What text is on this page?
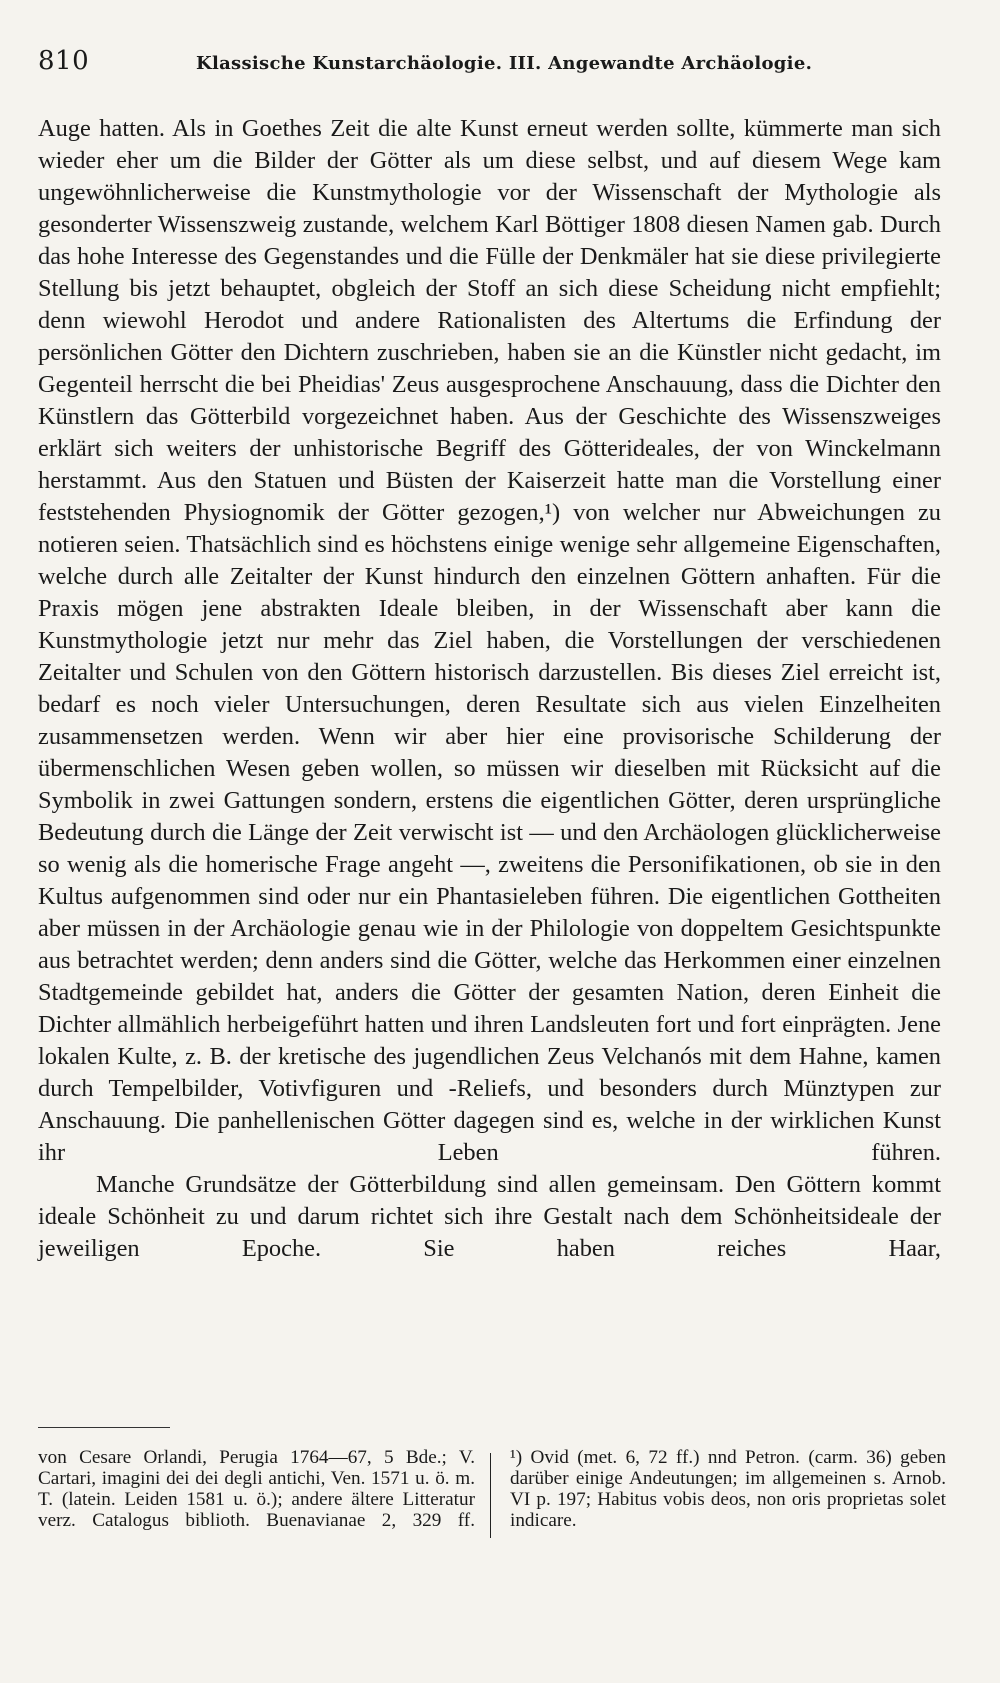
810	Klassische Kunstarchäologie. III. Angewandte Archäologie.
Auge hatten. Als in Goethes Zeit die alte Kunst erneut werden sollte, kümmerte man sich wieder eher um die Bilder der Götter als um diese selbst, und auf diesem Wege kam ungewöhnlicherweise die Kunstmythologie vor der Wissenschaft der Mythologie als gesonderter Wissenszweig zustande, welchem Karl Böttiger 1808 diesen Namen gab. Durch das hohe Interesse des Gegenstandes und die Fülle der Denkmäler hat sie diese privilegierte Stellung bis jetzt behauptet, obgleich der Stoff an sich diese Scheidung nicht empfiehlt; denn wiewohl Herodot und andere Rationalisten des Altertums die Erfindung der persönlichen Götter den Dichtern zuschrieben, haben sie an die Künstler nicht gedacht, im Gegenteil herrscht die bei Pheidias' Zeus ausgesprochene Anschauung, dass die Dichter den Künstlern das Götterbild vorgezeichnet haben. Aus der Geschichte des Wissenszweiges erklärt sich weiters der unhistorische Begriff des Götterideales, der von Winckelmann herstammt. Aus den Statuen und Büsten der Kaiserzeit hatte man die Vorstellung einer feststehenden Physiognomik der Götter gezogen,¹) von welcher nur Abweichungen zu notieren seien. Thatsächlich sind es höchstens einige wenige sehr allgemeine Eigenschaften, welche durch alle Zeitalter der Kunst hindurch den einzelnen Göttern anhaften. Für die Praxis mögen jene abstrakten Ideale bleiben, in der Wissenschaft aber kann die Kunstmythologie jetzt nur mehr das Ziel haben, die Vorstellungen der verschiedenen Zeitalter und Schulen von den Göttern historisch darzustellen. Bis dieses Ziel erreicht ist, bedarf es noch vieler Untersuchungen, deren Resultate sich aus vielen Einzelheiten zusammensetzen werden. Wenn wir aber hier eine provisorische Schilderung der übermenschlichen Wesen geben wollen, so müssen wir dieselben mit Rücksicht auf die Symbolik in zwei Gattungen sondern, erstens die eigentlichen Götter, deren ursprüngliche Bedeutung durch die Länge der Zeit verwischt ist — und den Archäologen glücklicherweise so wenig als die homerische Frage angeht —, zweitens die Personifikationen, ob sie in den Kultus aufgenommen sind oder nur ein Phantasieleben führen. Die eigentlichen Gottheiten aber müssen in der Archäologie genau wie in der Philologie von doppeltem Gesichtspunkte aus betrachtet werden; denn anders sind die Götter, welche das Herkommen einer einzelnen Stadtgemeinde gebildet hat, anders die Götter der gesamten Nation, deren Einheit die Dichter allmählich herbeigeführt hatten und ihren Landsleuten fort und fort einprägten. Jene lokalen Kulte, z. B. der kretische des jugendlichen Zeus Velchanós mit dem Hahne, kamen durch Tempelbilder, Votivfiguren und -Reliefs, und besonders durch Münztypen zur Anschauung. Die panhellenischen Götter dagegen sind es, welche in der wirklichen Kunst ihr Leben führen.
Manche Grundsätze der Götterbildung sind allen gemeinsam. Den Göttern kommt ideale Schönheit zu und darum richtet sich ihre Gestalt nach dem Schönheitsideale der jeweiligen Epoche. Sie haben reiches Haar,
von Cesare Orlandi, Perugia 1764—67, 5 Bde.; V. Cartari, imagini dei dei degli antichi, Ven. 1571 u. ö. m. T. (latein. Leiden 1581 u. ö.); andere ältere Litteratur verz. Catalogus biblioth. Buenavianae 2, 329 ff.
¹) Ovid (met. 6, 72 ff.) nnd Petron. (carm. 36) geben darüber einige Andeutungen; im allgemeinen s. Arnob. VI p. 197; Habitus vobis deos, non oris proprietas solet indicare.
